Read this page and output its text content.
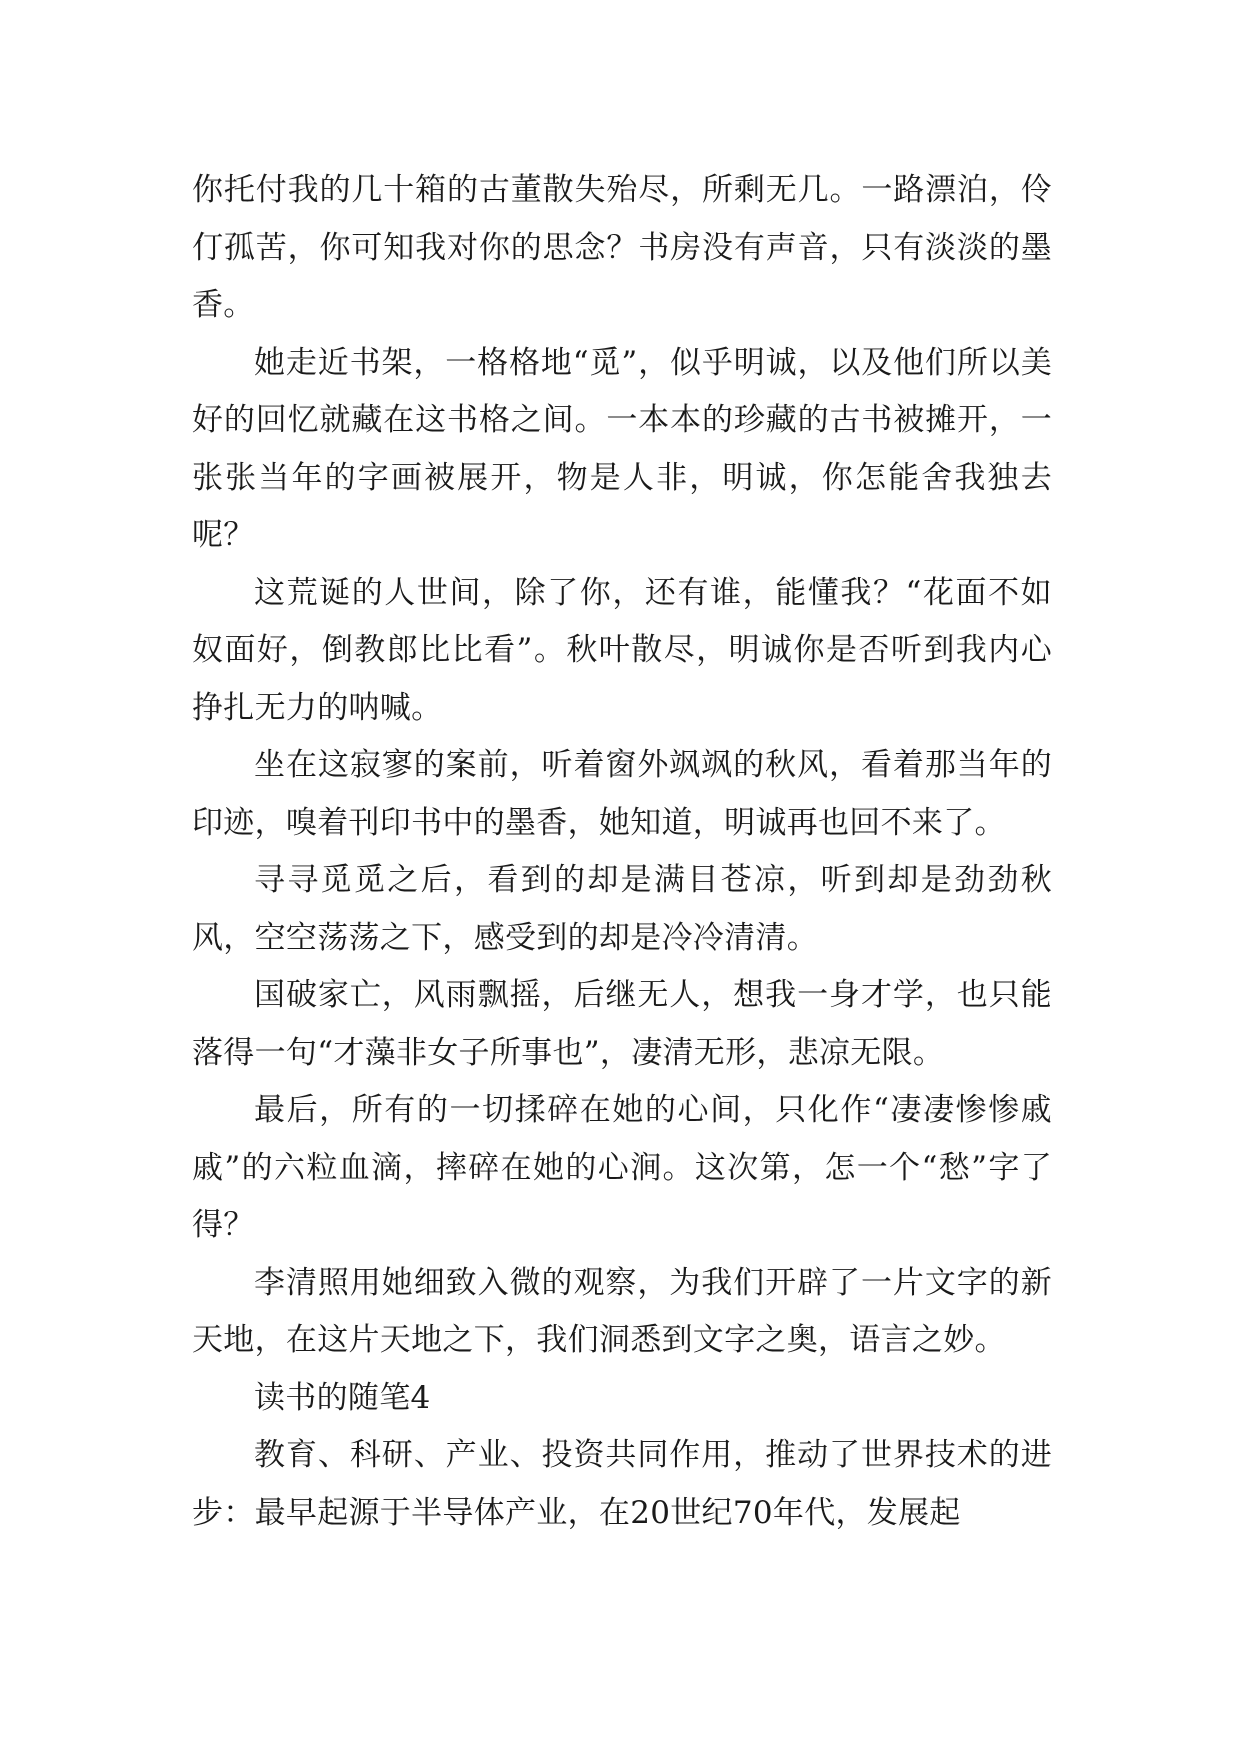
你托付我的几十箱的古董散失殆尽，所剩无几。一路漂泊，伶仃孤苦，你可知我对你的思念？书房没有声音，只有淡淡的墨香。

她走近书架，一格格地“觅”，似乎明诚，以及他们所以美好的回忆就藏在这书格之间。一本本的珍藏的古书被摊开，一张张当年的字画被展开，物是人非，明诚，你怎能舍我独去呢？

这荒诞的人世间，除了你，还有谁，能懂我？“花面不如奴面好，倒教郎比比看”。秋叶散尽，明诚你是否听到我内心挣扎无力的呐喊。

坐在这寂寥的案前，听着窗外飒飒的秋风，看着那当年的印迹，嗅着刊印书中的墨香，她知道，明诚再也回不来了。

寻寻觅觅之后，看到的却是满目苍凉，听到却是劲劲秋风，空空荡荡之下，感受到的却是冷冷清清。

国破家亡，风雨飘摇，后继无人，想我一身才学，也只能落得一句“才藻非女子所事也”，凄清无形，悲凉无限。

最后，所有的一切揉碎在她的心间，只化作“凄凄惨惨戚戚”的六粒血滴，摔碎在她的心涧。这次第，怎一个“愁”字了得？

李清照用她细致入微的观察，为我们开辟了一片文字的新天地，在这片天地之下，我们洞悉到文字之奥，语言之妙。

读书的随笔4

教育、科研、产业、投资共同作用，推动了世界技术的进步：最早起源于半导体产业，在20世纪70年代，发展起
